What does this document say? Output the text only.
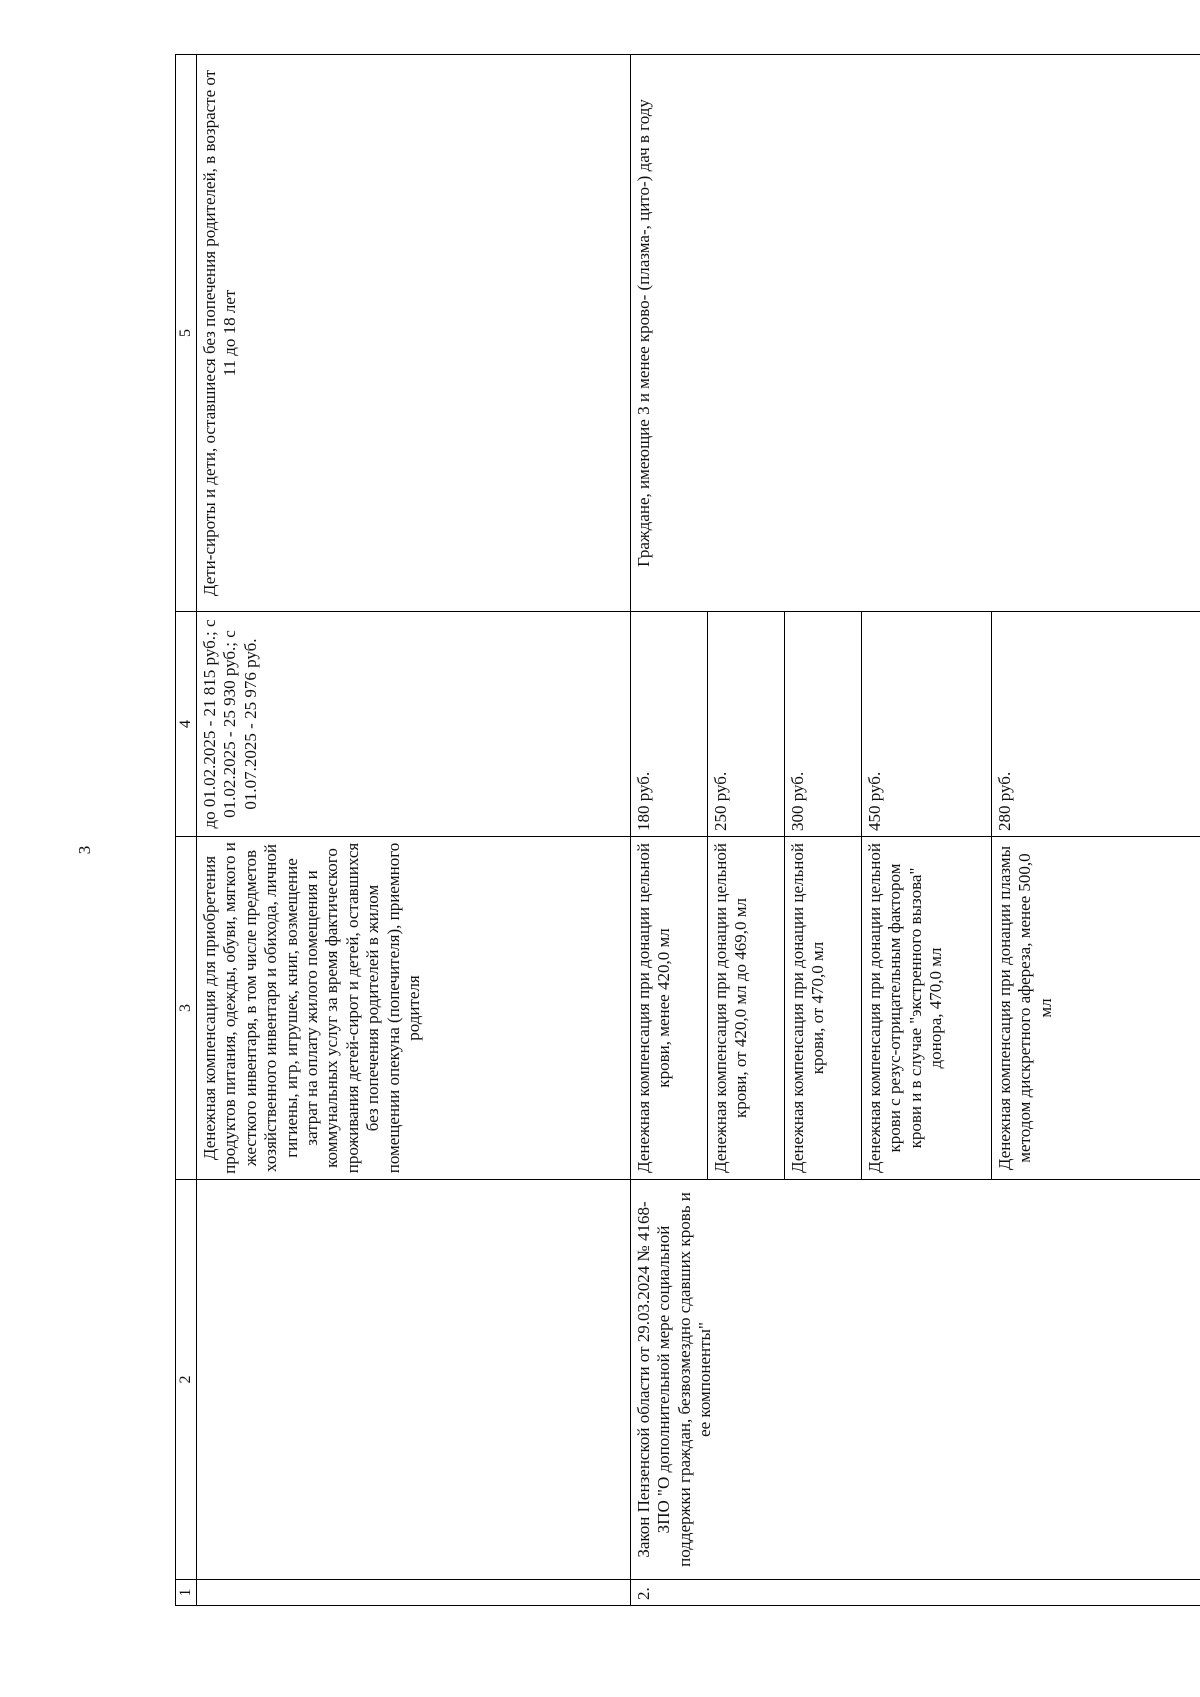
3
1	2	3	4	5
		Денежная компенсация для приобретения продуктов питания, одежды, обуви, мягкого и жесткого инвентаря, в том числе предметов хозяйственного инвентаря и обихода, личной гигиены, игр, игрушек, книг, возмещение затрат на оплату жилого помещения и коммунальных услуг за время фактического проживания детей-сирот и детей, оставшихся без попечения родителей в жилом помещении опекуна (попечителя), приемного родителя	до 01.02.2025 - 21 815 руб.; с 01.02.2025 - 25 930 руб.; с 01.07.2025 - 25 976 руб.	Дети-сироты и дети, оставшиеся без попечения родителей, в возрасте от 11 до 18 лет
2.	Закон Пензенской области от 29.03.2024 № 4168-ЗПО "О дополнительной мере социальной поддержки граждан, безвозмездно сдавших кровь и ее компоненты"	Денежная компенсация при донации цельной крови, менее 420,0 мл	180 руб.	Граждане, имеющие 3 и менее крово- (плазма-, цито-) дач в году
		Денежная компенсация при донации цельной крови, от 420,0 мл до 469,0 мл	250 руб.	
		Денежная компенсация при донации цельной крови, от 470,0 мл	300 руб.	
		Денежная компенсация при донации цельной крови с резус-отрицательным фактором крови и в случае "экстренного вызова" донора, 470,0 мл	450 руб.	
		Денежная компенсация при донации плазмы методом дискретного афереза, менее 500,0 мл	280 руб.	
